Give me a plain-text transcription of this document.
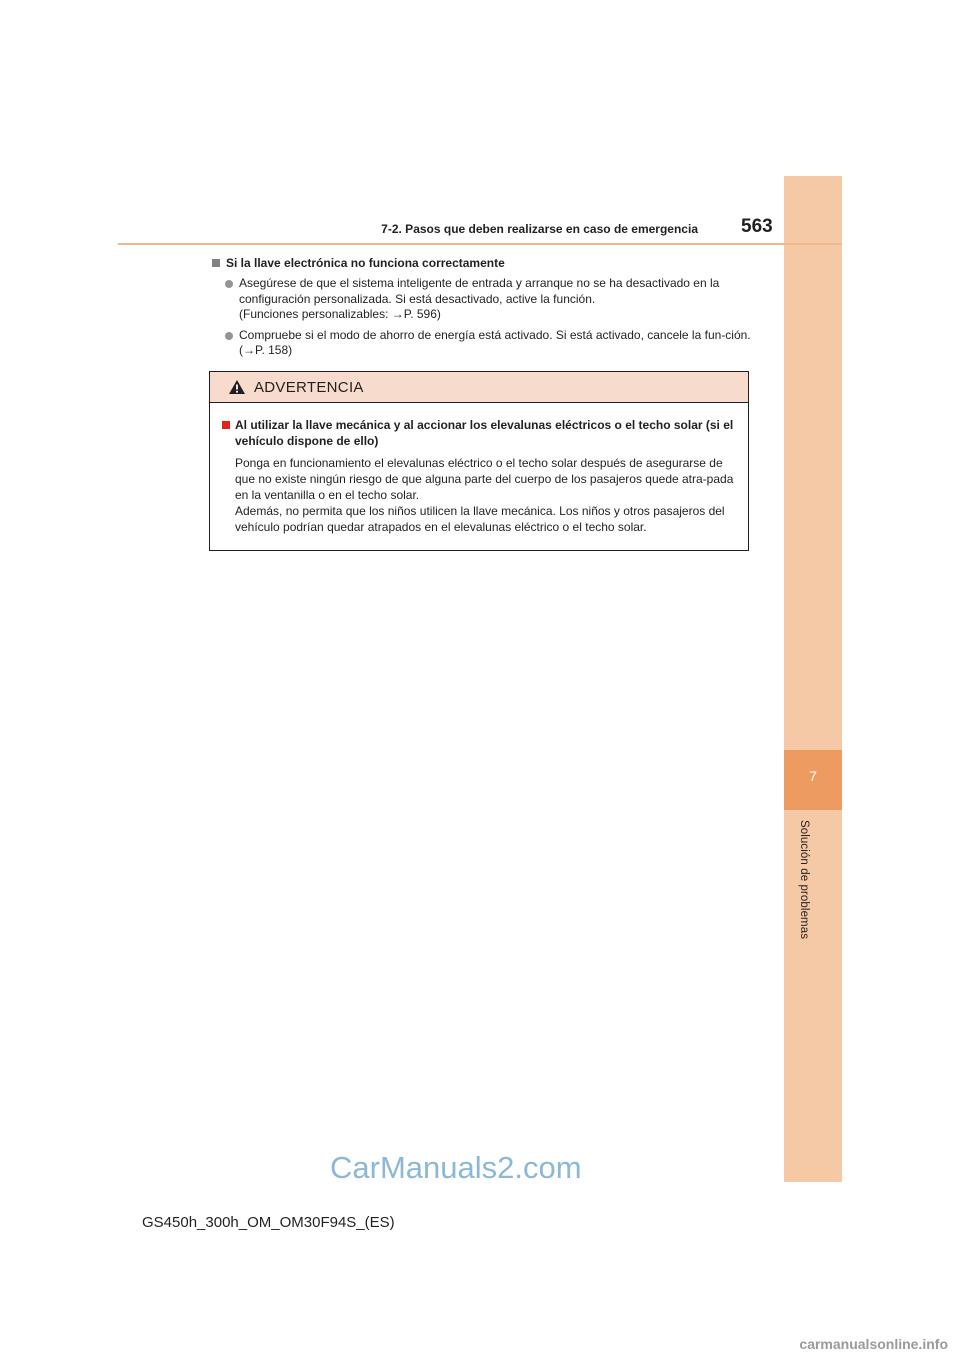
7
Solución de problemas
7-2. Pasos que deben realizarse en caso de emergencia 563
Si la llave electrónica no funciona correctamente
Asegúrese de que el sistema inteligente de entrada y arranque no se ha desactivado en la configuración personalizada. Si está desactivado, active la función.
(Funciones personalizables: →P. 596)
Compruebe si el modo de ahorro de energía está activado. Si está activado, cancele la fun-ción. (→P. 158)
ADVERTENCIA
Al utilizar la llave mecánica y al accionar los elevalunas eléctricos o el techo solar (si el vehículo dispone de ello)
Ponga en funcionamiento el elevalunas eléctrico o el techo solar después de asegurarse de que no existe ningún riesgo de que alguna parte del cuerpo de los pasajeros quede atra-pada en la ventanilla o en el techo solar.
Además, no permita que los niños utilicen la llave mecánica. Los niños y otros pasajeros del vehículo podrían quedar atrapados en el elevalunas eléctrico o el techo solar.
GS450h_300h_OM_OM30F94S_(ES)
CarManuals2.com
carmanualsonline.info
